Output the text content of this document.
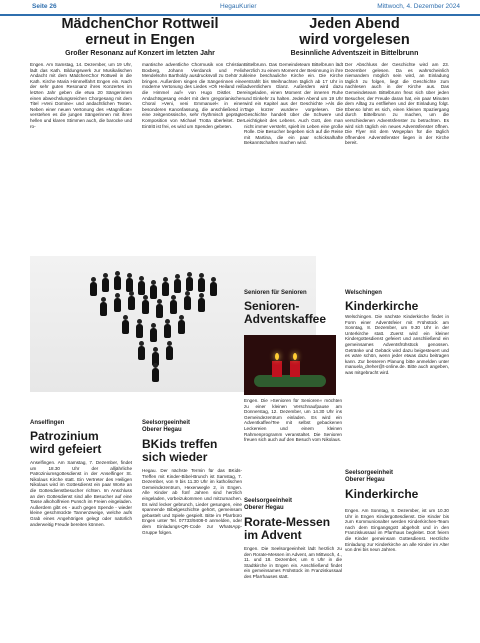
Seite 26	HegauKurier	Mittwoch, 4. Dezember 2024
MädchenChor Rottweil
erneut in Engen
Großer Resonanz auf Konzert im letzten Jahr
Engen. Am Samstag, 14. Dezember, um 19 Uhr, lädt das Kath. Bildungswerk zur Musikalischen Andacht mit dem MädchenChor Rottweil in die Kath. Kirche Mariä Himmelfahrt Engen ein. Nach der sehr guten Resonanz ihres Konzertes im letzten Jahr geben die etwa 20 Sängerinnen einen abwechslungsreichen Chorgesang mit dem Titel »Veni Domine« und andachtlichen Texten. Neben einer neuen Vertonung des »Magnificat« verstehen es die jungen Sängerinnen mit ihren hellen und klaren Stimmen auch, die barocke und ro-
mantische adventliche Chormusik von Christian Boxberg, Johann Vierdanck und Felix Mendelsohn Bartholdy ausdrucksvoll zu Gehör zu bringen. Außerdem singen die Sängerinnen eine moderne Vertonung des Liedes »Oh Heiland reiß die Himmel auf« von Hugo Distler. Der Andachtsgesang endet mit dem gregorianischen Choral »Veni, veni Emmanuel« in einer besonderen Kanonfassung, die anschließend in eine zeitgenössische, sehr rhythmisch geprägte Komposition von Michael Trotta überleitet. Der Eintritt ist frei, es wird um Spenden gebeten.
Jeden Abend
wird vorgelesen
Besinnliche Adventszeit in Bittelbrunn
Bittelbrunn. Das Gemeindeteam Bittelbrunn lädt herzlich zu einem Moment der Besinnung in ihre kleine beschauliche Kirche ein. Die Kirche erstrahlt bis Weihnachten täglich ab 17 Uhr in adventlichem Glanz. Außerdem wird dazu eingeladen, einen Moment der inneren Ruhe und Einkehr zu halten. Jeden Abend um 19 Uhr wird ein Kapitel aus der Geschichte »Als die Tage kürzer wurden« vorgelesen. Die Geschichte handelt über die Schwere und Leichtigkeit des Lebens. Auch Gott, den man nicht immer versteht, spielt im Leben eine große Rolle. Die Besucher begeben sich auf die Reise mit Martina, die ein paar schicksalhafte Bekanntschaften machen wird.
Der Abschluss der Geschichte wird am 23. Dezember gelesen. Da es wahrscheinlich niemandem möglich sein wird, an Einladung täglich zu folgen, liegt die Geschichte zum nachlesen auch in der Kirche aus. Das Gemeindeteam Bittelbrunn freut sich über jeden Besucher, der Freude daran hat, ein paar Minuten dem Alltag zu entfliehen und der Einladung folgt. Ebenso lohnt es sich, einen kleinen Spaziergang durch Bittelbrunn zu machen, um die verschiedenen Adventsfenster zu betrachten. Es wird sich täglich ein neues Adventsfenster öffnen. Die Flyer mit dem Wegeplan für die täglich öffnenden Adventsfenster liegen in der Kirche bereit.
Anselfingen
Patrozinium
wird gefeiert
Anselfingen. Am Samstag, 7. Dezember, findet um 18.30 Uhr der alljährliche Patroziniumsgottesdienst in der Anselfinger St. Nikolaus Kirche statt. Ein Vertreter des Heiligen Nikolaus wird im Gottesdienst ein paar Worte an die Gottesdienstbesucher richten. Im Anschluss an den Gottesdienst sind alle Besucher auf eine Tasse alkoholfreien Punsch im Freien eingeladen. Außerdem gibt es - auch gegen Spende - wieder kleine geschmückte Tannenzweige, welche aufs Grab eines Angehörigen gelegt oder natürlich anderweitig Freude bereiten können.
Seelsorgeeinheit
Oberer Hegau
BKids treffen
sich wieder
Hegau. Der nächste Termin für das BKids-Treffen mit Kinder-Bibel-Brunch ist Samstag, 7. Dezember, von 9 bis 11.30 Uhr im katholischen Gemeindezentrum, Hexenwegle 2, in Engen. Alle Kinder ab fünf Jahren sind herzlich eingeladen, vorbeizukommen und mitzumachen. Es wird lecker gebrunch, Lieder gesungen, eine spannende Bibelgeschichte gehört, gemeinsam gebastelt und Spiele gespielt. Bitte im Pfarrbüro Engen unter Tel. 07733/9408-0 anmelden, oder dem Einladungs-QR-Code zur WhatsApp-Gruppe folgen.
Senioren für Senioren
Senioren-
Adventskaffee
Engen. Die »Senioren für Senioren« möchten zu einer kleinen Verschnaufpause am Donnerstag, 12. Dezember, um 14.30 Uhr ins Gemeindezentrum einladen. Es wird ein Adventkaffee/Tee mit selbst gebackenen Leckereien und einem kleinen Rahmenprogramm veranstaltet. Die Senioren freuen sich auch auf den Besuch vom Nikolaus.
Seelsorgeeinheit
Oberer Hegau
Rorate-Messen
im Advent
Engen. Die Seelsorgeeinheit lädt herzlich zu den Rorate-Messen im Advent, am Mittwoch, 4., 11. und 18. Dezember, um 6 Uhr in die Stadtkirche in Engen ein. Anschließend findet ein gemeinsames Frühstück im Franziskussaal des Pfarrhauses statt.
Welschingen
Kinderkirche
Welschingen. Die nächste Kinderkirche findet in Form einer Adventsfeier mit Frühstück am Sonntag, 8. Dezember, um 9.30 Uhr in der Unterkirche statt. Zuerst wird ein kleiner Kindergottesdienst gefeiert und anschließend ein gemeinsames Adventsfrühstück genossen. Getränke und Gebäck wird dazu beigesteuert und es wäre schön, wenn jeder etwas dazu beitragen kann. Zur besseren Planung bitte anmelden unter manuela_dreher@t-online.de. Bitte auch angeben, was mitgebracht wird.
Seelsorgeeinheit
Oberer Hegau
Kinderkirche
Engen. Am Sonntag, 8. Dezember, ist um 10.30 Uhr in Engen Kindergottesdienst. Die Kinder bis zum Kommunionalter werden Kinderkirchen-Team nach dem Eingangsgott abgeholt und in den Franziskussaal im Pfarrhaus begleitet. Dort feiern die Kinder gemeinsam Gottesdienst. Herzliche Einladung zur Kinderkirche an alle Kinder im Alter von drei bis neun Jahren.
